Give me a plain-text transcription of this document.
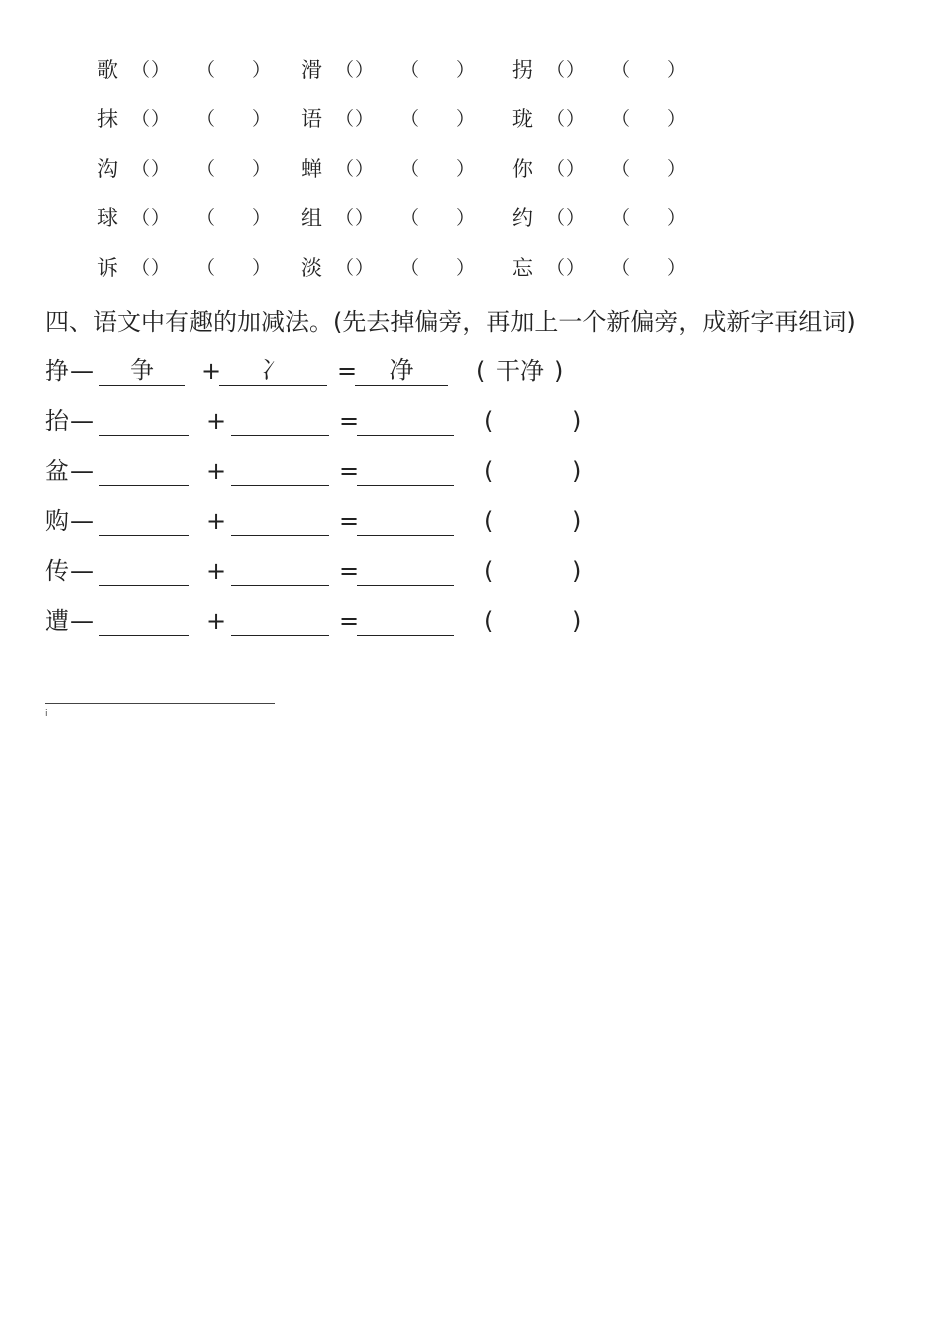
歌 （ ） （ ） 滑 （ ） （ ） 拐 （ ） （ ）
抹 （ ） （ ） 语 （ ） （ ） 珑 （ ） （ ）
沟 （ ） （ ） 蝉 （ ） （ ） 你 （ ） （ ）
球 （ ） （ ） 组 （ ） （ ） 约 （ ） （ ）
诉 （ ） （ ） 淡 （ ） （ ） 忘 （ ） （ ）
四、语文中有趣的加减法。(先去掉偏旁，再加上一个新偏旁，成新字再组词)
挣 —	争	+	冫	=	净	( 干净 )
抬 —	+	=	(	)
盆 —	+	=	(	)
购 —	+	=	(	)
传 —	+	=	(	)
遭 —	+	=	(	)
i
